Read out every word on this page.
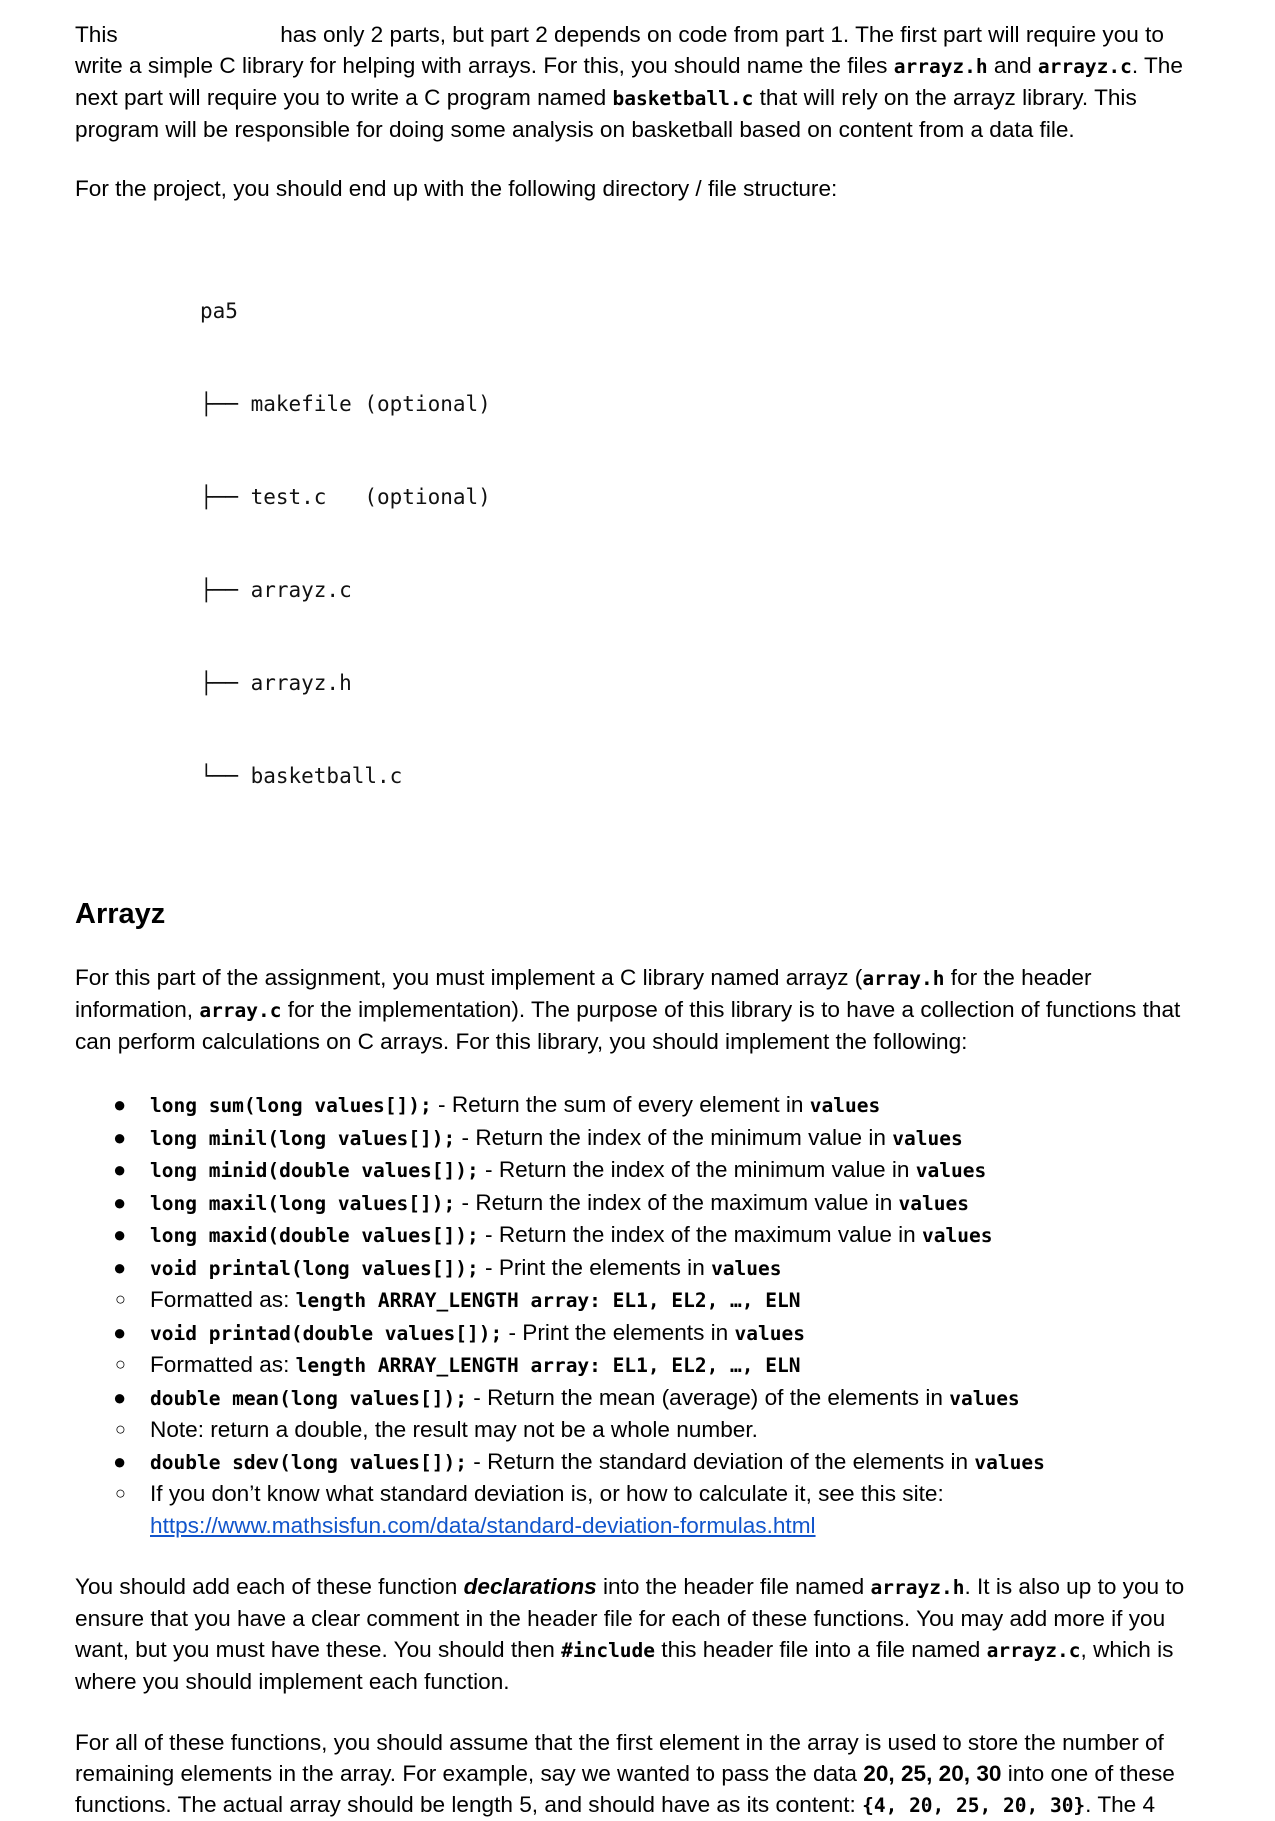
This	has only 2 parts, but part 2 depends on code from part 1. The first part will require you to write a simple C library for helping with arrays. For this, you should name the files arrayz.h and arrayz.c. The next part will require you to write a C program named basketball.c that will rely on the arrayz library. This program will be responsible for doing some analysis on basketball based on content from a data file.

For the project, you should end up with the following directory / file structure:

pa5

├── makefile (optional)

├── test.c   (optional)

├── arrayz.c

├── arrayz.h

└── basketball.c

Arrayz

For this part of the assignment, you must implement a C library named arrayz (array.h for the header information, array.c for the implementation). The purpose of this library is to have a collection of functions that can perform calculations on C arrays. For this library, you should implement the following:

● long sum(long values[]); - Return the sum of every element in values
● long minil(long values[]); - Return the index of the minimum value in values
● long minid(double values[]); - Return the index of the minimum value in values
● long maxil(long values[]); - Return the index of the maximum value in values
● long maxid(double values[]); - Return the index of the maximum value in values
● void printal(long values[]); - Print the elements in values
○ Formatted as: length ARRAY_LENGTH array: EL1, EL2, …, ELN
● void printad(double values[]); - Print the elements in values
○ Formatted as: length ARRAY_LENGTH array: EL1, EL2, …, ELN
● double mean(long values[]); - Return the mean (average) of the elements in values
○ Note: return a double, the result may not be a whole number.
● double sdev(long values[]); - Return the standard deviation of the elements in values
○ If you don’t know what standard deviation is, or how to calculate it, see this site:
https://www.mathsisfun.com/data/standard-deviation-formulas.html

You should add each of these function declarations into the header file named arrayz.h. It is also up to you to ensure that you have a clear comment in the header file for each of these functions. You may add more if you want, but you must have these. You should then #include this header file into a file named arrayz.c, which is where you should implement each function.

For all of these functions, you should assume that the first element in the array is used to store the number of remaining elements in the array. For example, say we wanted to pass the data 20, 25, 20, 30 into one of these functions. The actual array should be length 5, and should have as its content: {4, 20, 25, 20, 30}. The 4
